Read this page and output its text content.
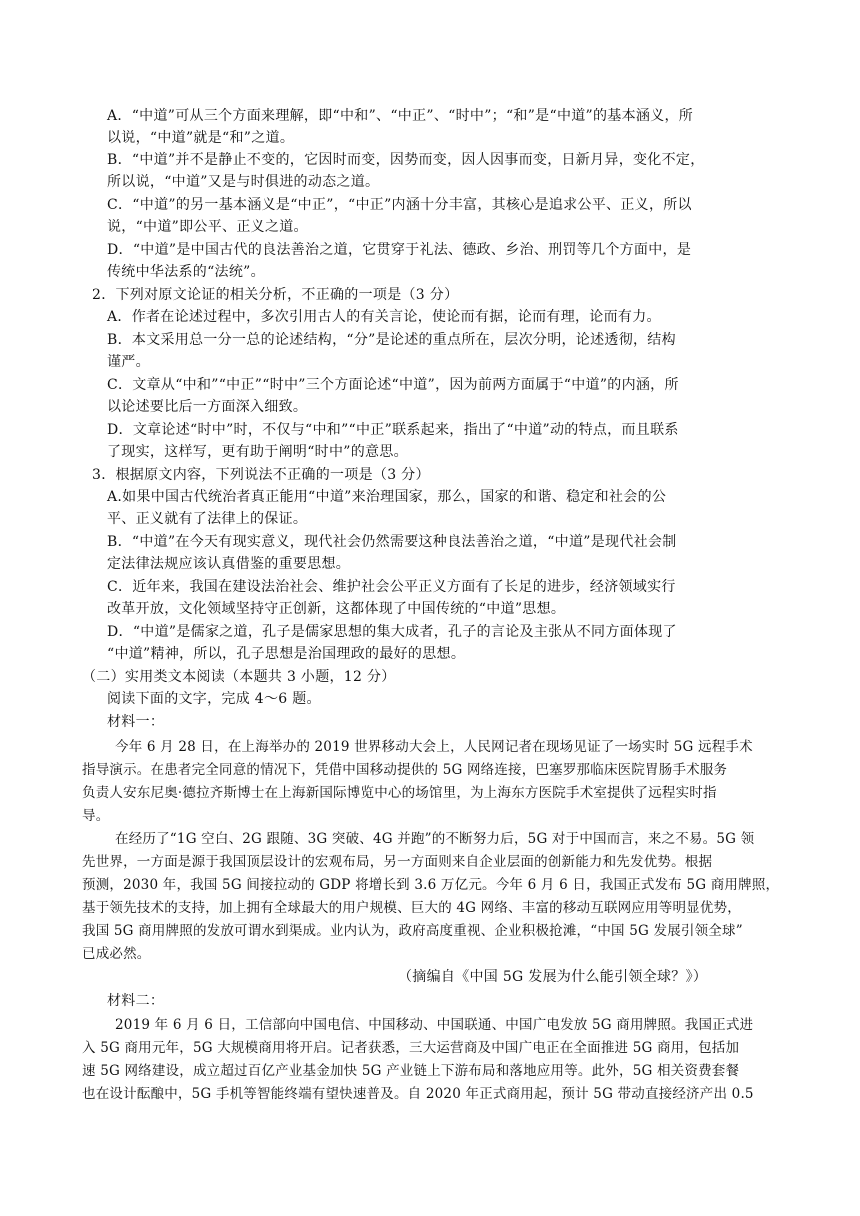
A．“中道”可从三个方面来理解，即“中和”、“中正”、“时中”；“和”是“中道”的基本涵义，所
以说，“中道”就是“和”之道。
B．“中道”并不是静止不变的，它因时而变，因势而变，因人因事而变，日新月异，变化不定，
所以说，“中道”又是与时俱进的动态之道。
C．“中道”的另一基本涵义是“中正”，“中正”内涵十分丰富，其核心是追求公平、正义，所以
说，“中道”即公平、正义之道。
D．“中道”是中国古代的良法善治之道，它贯穿于礼法、德政、乡治、刑罚等几个方面中，是
传统中华法系的“法统”。
2．下列对原文论证的相关分析，不正确的一项是（3 分）
A．作者在论述过程中，多次引用古人的有关言论，使论而有据，论而有理，论而有力。
B．本文采用总一分一总的论述结构，“分”是论述的重点所在，层次分明，论述透彻，结构
谨严。
C．文章从“中和”“中正”“时中”三个方面论述“中道”，因为前两方面属于“中道”的内涵，所
以论述要比后一方面深入细致。
D．文章论述“时中”时，不仅与“中和”“中正”联系起来，指出了“中道”动的特点，而且联系
了现实，这样写，更有助于阐明“时中”的意思。
3．根据原文内容，下列说法不正确的一项是（3 分）
A.如果中国古代统治者真正能用“中道”来治理国家，那么，国家的和谐、稳定和社会的公
平、正义就有了法律上的保证。
B．“中道”在今天有现实意义，现代社会仍然需要这种良法善治之道，“中道”是现代社会制
定法律法规应该认真借鉴的重要思想。
C．近年来，我国在建设法治社会、维护社会公平正义方面有了长足的进步，经济领域实行
改革开放，文化领域坚持守正创新，这都体现了中国传统的“中道”思想。
D．“中道”是儒家之道，孔子是儒家思想的集大成者，孔子的言论及主张从不同方面体现了
“中道”精神，所以，孔子思想是治国理政的最好的思想。
（二）实用类文本阅读（本题共 3 小题，12 分）
阅读下面的文字，完成 4～6 题。
材料一：
今年 6 月 28 日，在上海举办的 2019 世界移动大会上，人民网记者在现场见证了一场实时 5G 远程手术
指导演示。在患者完全同意的情况下，凭借中国移动提供的 5G 网络连接，巴塞罗那临床医院胃肠手术服务
负责人安东尼奥·德拉齐斯博士在上海新国际博览中心的场馆里，为上海东方医院手术室提供了远程实时指
导。
在经历了“1G 空白、2G 跟随、3G 突破、4G 并跑”的不断努力后，5G 对于中国而言，来之不易。5G 领
先世界，一方面是源于我国顶层设计的宏观布局，另一方面则来自企业层面的创新能力和先发优势。根据
预测，2030 年，我国 5G 间接拉动的 GDP 将增长到 3.6 万亿元。今年 6 月 6 日，我国正式发布 5G 商用牌照，
基于领先技术的支持，加上拥有全球最大的用户规模、巨大的 4G 网络、丰富的移动互联网应用等明显优势，
我国 5G 商用牌照的发放可谓水到渠成。业内认为，政府高度重视、企业积极抢滩，“中国 5G 发展引领全球”
已成必然。
（摘编自《中国 5G 发展为什么能引领全球？》）
材料二：
2019 年 6 月 6 日，工信部向中国电信、中国移动、中国联通、中国广电发放 5G 商用牌照。我国正式进
入 5G 商用元年，5G 大规模商用将开启。记者获悉，三大运营商及中国广电正在全面推进 5G 商用，包括加
速 5G 网络建设，成立超过百亿产业基金加快 5G 产业链上下游布局和落地应用等。此外，5G 相关资费套餐
也在设计酝酿中，5G 手机等智能终端有望快速普及。自 2020 年正式商用起，预计 5G 带动直接经济产出 0.5
